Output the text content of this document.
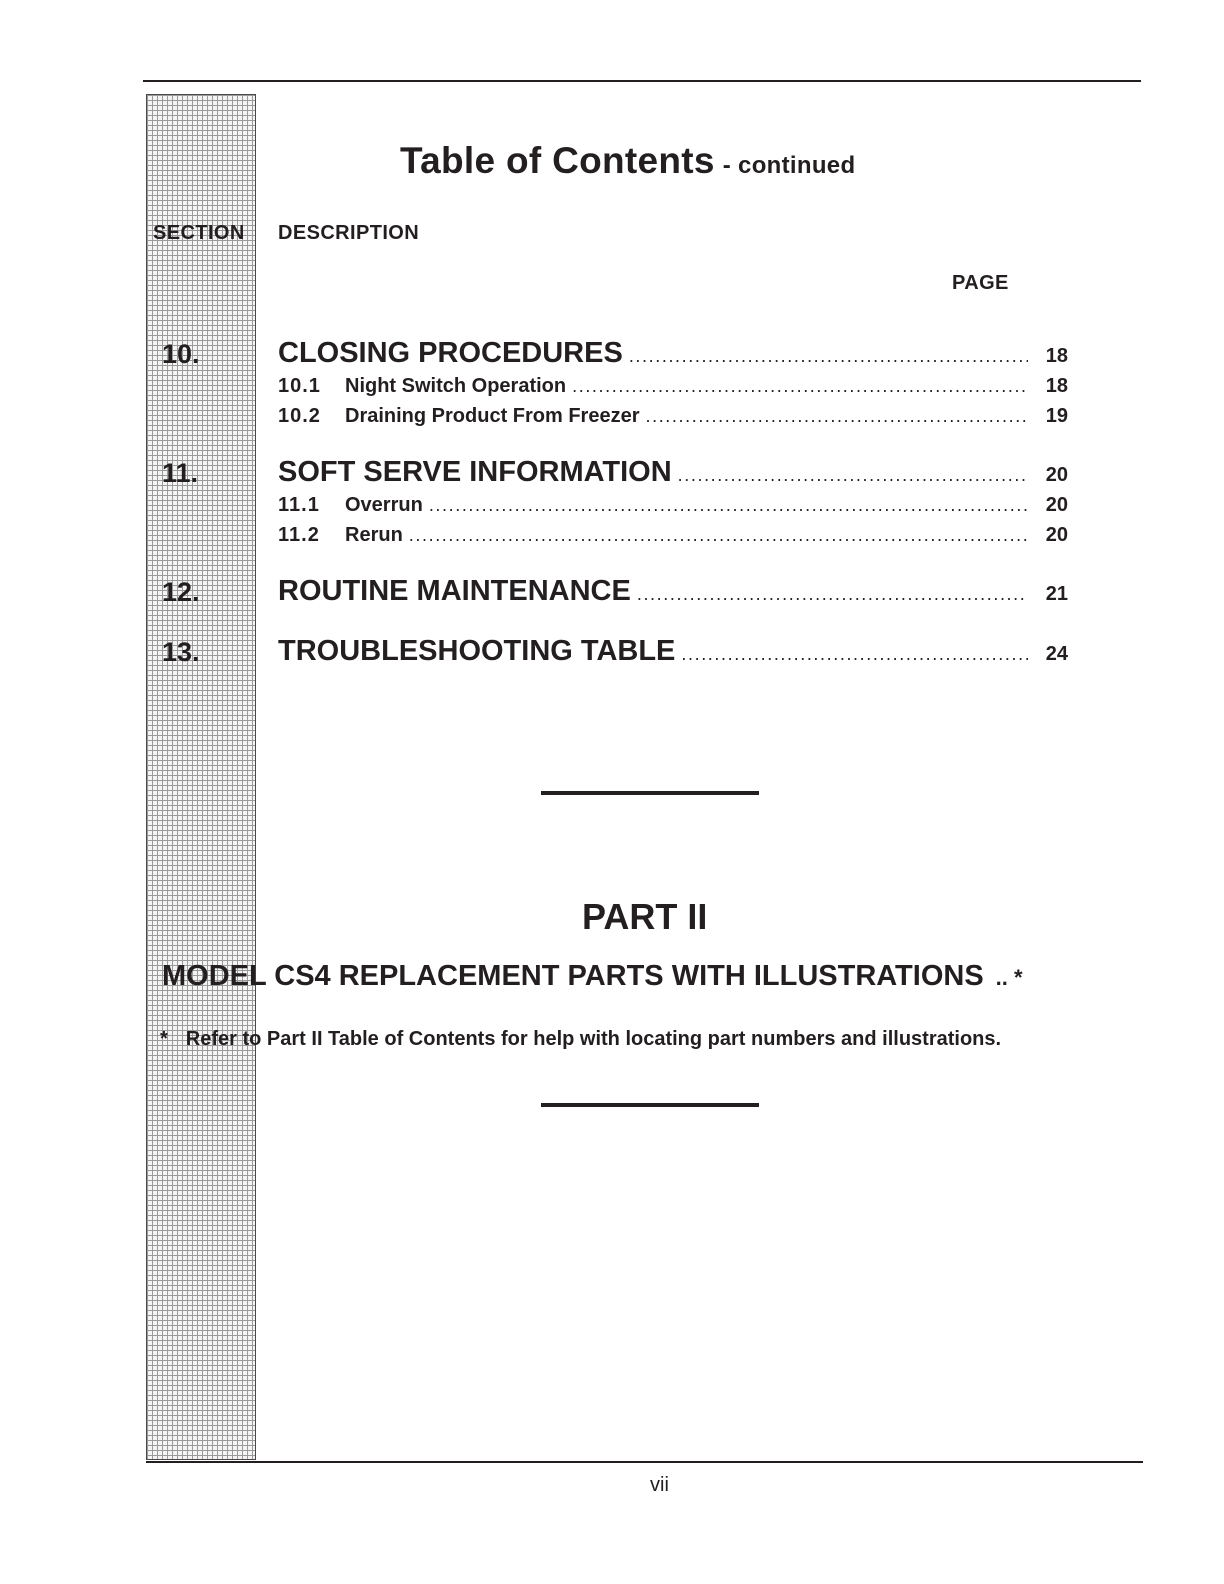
Table of Contents - continued
SECTION DESCRIPTION
PAGE
10.	CLOSING PROCEDURES . . .	18
10.1 Night Switch Operation . . .	18
10.2 Draining Product From Freezer . . .	19
11.	SOFT SERVE INFORMATION . . .	20
11.1 Overrun . . .	20
11.2 Rerun . . .	20
12.	ROUTINE MAINTENANCE . . .	21
13.	TROUBLESHOOTING TABLE . . .	24
PART II
MODEL CS4 REPLACEMENT PARTS WITH ILLUSTRATIONS .. *
* Refer to Part II Table of Contents for help with locating part numbers and illustrations.
vii
